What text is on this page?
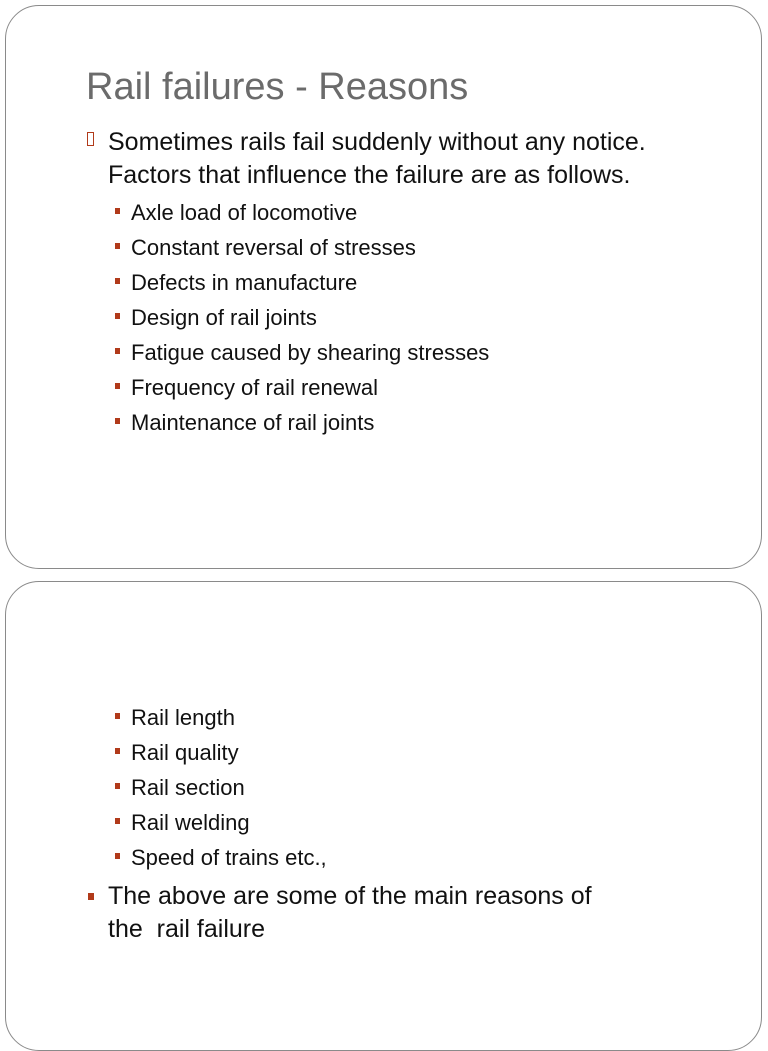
Rail failures - Reasons
Sometimes rails fail suddenly without any notice.
Factors that influence the failure are as follows.
Axle load of locomotive
Constant reversal of stresses
Defects in manufacture
Design of rail joints
Fatigue caused by shearing stresses
Frequency of rail renewal
Maintenance of rail joints
Rail length
Rail quality
Rail section
Rail welding
Speed of trains etc.,
The above are some of the main reasons of
the  rail failure
